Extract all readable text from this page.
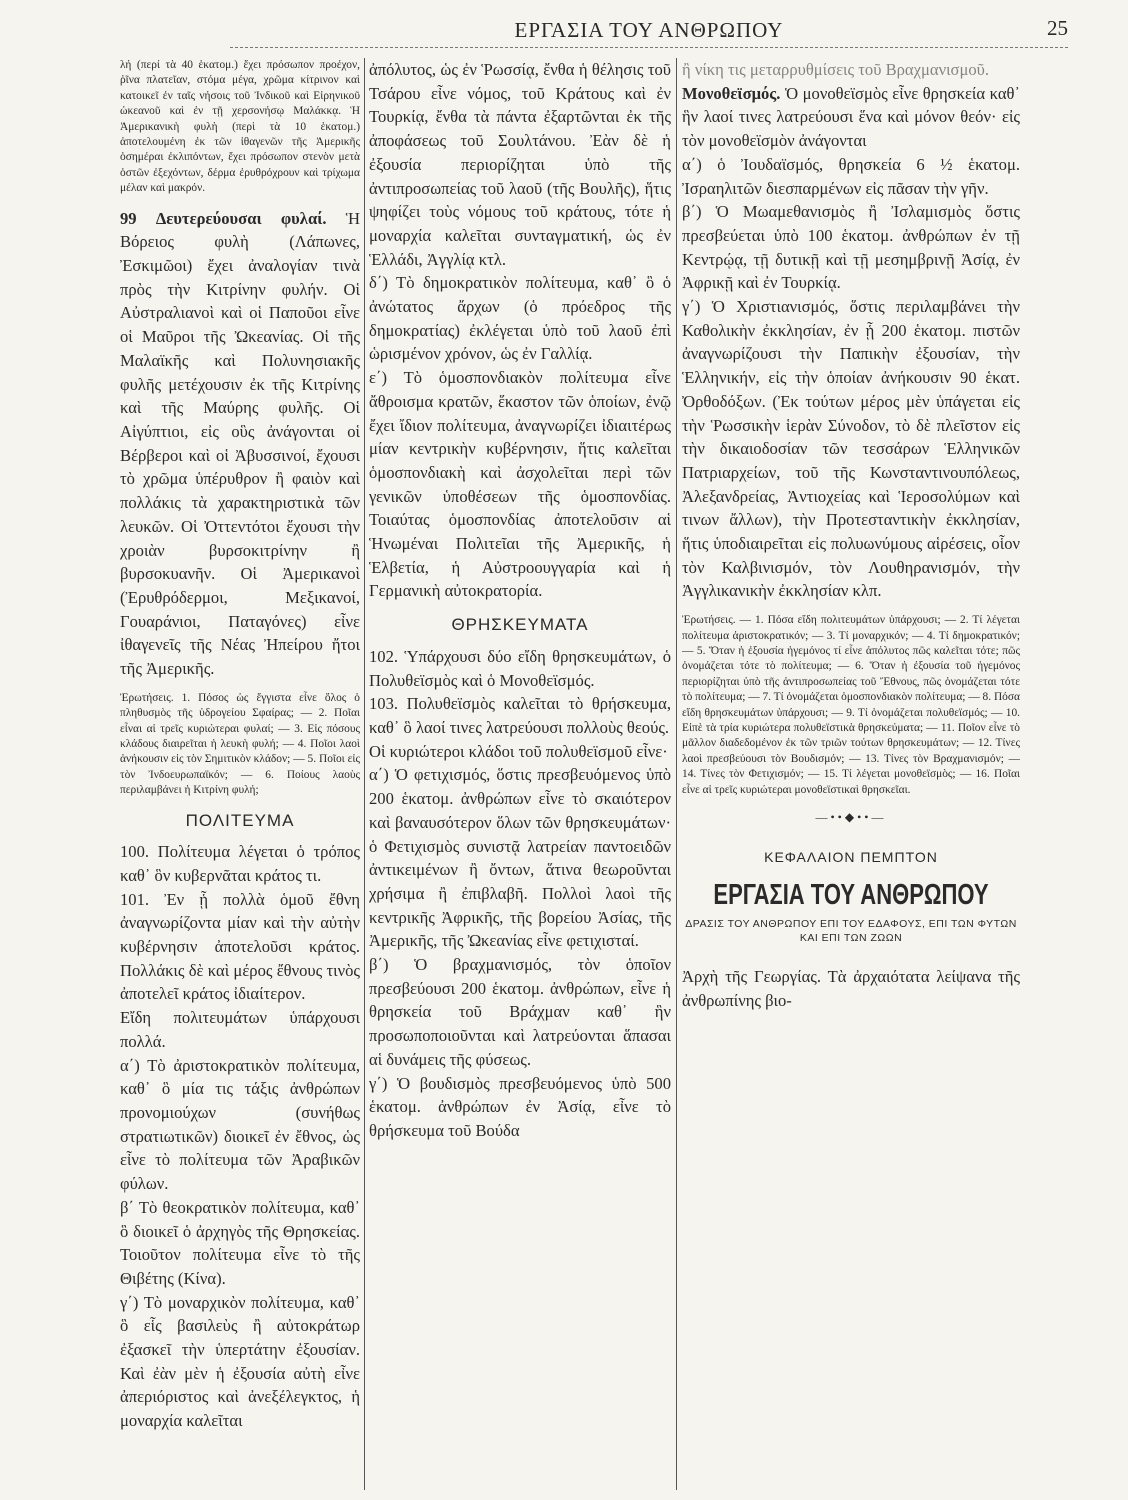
ΕΡΓΑΣΙΑ ΤΟΥ ΑΝΘΡΩΠΟΥ	25

λή (περί τὰ 40 ἑκατομ.) ἔχει πρόσωπον προέχον, ῥῖνα πλατεῖαν, στόμα μέγα, χρῶμα κίτρινον καὶ κατοικεῖ ἐν ταῖς νήσοις τοῦ Ἰνδικοῦ καὶ Εἰρηνικοῦ ὠκεανοῦ καὶ ἐν τῇ χερσονήσῳ Μαλάκκᾳ. Ἡ Ἀμερικανικὴ φυλὴ (περὶ τὰ 10 ἑκατομ.) ἀποτελουμένη ἐκ τῶν ἰθαγενῶν τῆς Ἀμερικῆς ὁσημέραι ἐκλιπόντων, ἔχει πρόσωπον στενὸν μετὰ ὀστῶν ἐξεχόντων, δέρμα ἐρυθρόχρουν καὶ τρίχωμα μέλαν καὶ μακρόν.

99 Δευτερεύουσαι φυλαί. Ἡ Βόρειος φυλὴ (Λάπωνες, Ἐσκιμῶοι) ἔχει ἀναλογίαν τινὰ πρὸς τὴν Κιτρίνην φυλήν. Οἱ Αὐστραλιανοὶ καὶ οἱ Παποῦοι εἶνε οἱ Μαῦροι τῆς Ὠκεανίας. Οἱ τῆς Μαλαϊκῆς καὶ Πολυνησιακῆς φυλῆς μετέχουσιν ἐκ τῆς Κιτρίνης καὶ τῆς Μαύρης φυλῆς. Οἱ Αἰγύπτιοι, εἰς οὓς ἀνάγονται οἱ Βέρβεροι καὶ οἱ Ἀβυσσινοί, ἔχουσι τὸ χρῶμα ὑπέρυθρον ἢ φαιὸν καὶ πολλάκις τὰ χαρακτηριστικὰ τῶν λευκῶν. Οἱ Ὀττεντότοι ἔχουσι τὴν χροιὰν βυρσοκιτρίνην ἢ βυρσοκυανῆν. Οἱ Ἀμερικανοὶ (Ἐρυθρόδερμοι, Μεξικανοί, Γουαράνιοι, Παταγόνες) εἶνε ἰθαγενεῖς τῆς Νέας Ἠπείρου ἤτοι τῆς Ἀμερικῆς.

Ἐρωτήσεις. 1. Πόσος ὡς ἔγγιστα εἶνε ὅλος ὁ πληθυσμὸς τῆς ὑδρογείου Σφαίρας; — 2. Ποῖαι εἶναι αἱ τρεῖς κυριώτεραι φυλαί; — 3. Εἰς πόσους κλάδους διαιρεῖται ἡ λευκὴ φυλή; — 4. Ποῖοι λαοὶ ἀνήκουσιν εἰς τὸν Σημιτικὸν κλάδον; — 5. Ποῖοι εἰς τὸν Ἰνδοευρωπαϊκόν; — 6. Ποίους λαοὺς περιλαμβάνει ἡ Κιτρίνη φυλή;

ΠΟΛΙΤΕΥΜΑ

100. Πολίτευμα λέγεται ὁ τρόπος καθ᾽ ὃν κυβερνᾶται κράτος τι.

101. Ἐν ᾗ πολλὰ ὁμοῦ ἔθνη ἀναγνωρίζοντα μίαν καὶ τὴν αὐτὴν κυβέρνησιν ἀποτελοῦσι κράτος. Πολλάκις δὲ καὶ μέρος ἔθνους τινὸς ἀποτελεῖ κράτος ἰδιαίτερον.

Εἴδη πολιτευμάτων ὑπάρχουσι πολλά.

α΄) Τὸ ἀριστοκρατικὸν πολίτευμα, καθ᾽ ὃ μία τις τάξις ἀνθρώπων προνομιούχων (συνήθως στρατιωτικῶν) διοικεῖ ἐν ἔθνος, ὡς εἶνε τὸ πολίτευμα τῶν Ἀραβικῶν φύλων.

β΄ Τὸ θεοκρατικὸν πολίτευμα, καθ᾽ ὃ διοικεῖ ὁ ἀρχηγὸς τῆς Θρησκείας. Τοιοῦτον πολίτευμα εἶνε τὸ τῆς Θιβέτης (Κίνα).

γ΄) Τὸ μοναρχικὸν πολίτευμα, καθ᾽ ὃ εἷς βασιλεὺς ἢ αὐτοκράτωρ ἐξασκεῖ τὴν ὑπερτάτην ἐξουσίαν. Καὶ ἐὰν μὲν ἡ ἐξουσία αὐτὴ εἶνε ἀπεριόριστος καὶ ἀνεξέλεγκτος, ἡ μοναρχία καλεῖται

ἀπόλυτος, ὡς ἐν Ῥωσσίᾳ, ἔνθα ἡ θέλησις τοῦ Τσάρου εἶνε νόμος, τοῦ Κράτους καὶ ἐν Τουρκίᾳ, ἔνθα τὰ πάντα ἐξαρτῶνται ἐκ τῆς ἀποφάσεως τοῦ Σουλτάνου. Ἐὰν δὲ ἡ ἐξουσία περιορίζηται ὑπὸ τῆς ἀντιπροσωπείας τοῦ λαοῦ (τῆς Βουλῆς), ἥτις ψηφίζει τοὺς νόμους τοῦ κράτους, τότε ἡ μοναρχία καλεῖται συνταγματική, ὡς ἐν Ἑλλάδι, Ἀγγλίᾳ κτλ.

δ΄) Τὸ δημοκρατικὸν πολίτευμα, καθ᾽ ὃ ὁ ἀνώτατος ἄρχων (ὁ πρόεδρος τῆς δημοκρατίας) ἐκλέγεται ὑπὸ τοῦ λαοῦ ἐπὶ ὡρισμένον χρόνον, ὡς ἐν Γαλλίᾳ.

ε΄) Τὸ ὁμοσπονδιακὸν πολίτευμα εἶνε ἄθροισμα κρατῶν, ἕκαστον τῶν ὁποίων, ἐνῷ ἔχει ἴδιον πολίτευμα, ἀναγνωρίζει ἰδιαιτέρως μίαν κεντρικὴν κυβέρνησιν, ἥτις καλεῖται ὁμοσπονδιακὴ καὶ ἀσχολεῖται περὶ τῶν γενικῶν ὑποθέσεων τῆς ὁμοσπονδίας. Τοιαύτας ὁμοσπονδίας ἀποτελοῦσιν αἱ Ἡνωμέναι Πολιτεῖαι τῆς Ἀμερικῆς, ἡ Ἑλβετία, ἡ Αὐστροουγγαρία καὶ ἡ Γερμανικὴ αὐτοκρατορία.

ΘΡΗΣΚΕΥΜΑΤΑ

102. Ὑπάρχουσι δύο εἴδη θρησκευμάτων, ὁ Πολυθεϊσμὸς καὶ ὁ Μονοθεϊσμός.

103. Πολυθεϊσμὸς καλεῖται τὸ θρήσκευμα, καθ᾽ ὃ λαοί τινες λατρεύουσι πολλοὺς θεούς.

Οἱ κυριώτεροι κλάδοι τοῦ πολυθεϊσμοῦ εἶνε·

α΄) Ὁ φετιχισμός, ὅστις πρεσβευόμενος ὑπὸ 200 ἑκατομ. ἀνθρώπων εἶνε τὸ σκαιότερον καὶ βαναυσότερον ὅλων τῶν θρησκευμάτων· ὁ Φετιχισμὸς συνιστᾷ λατρείαν παντοειδῶν ἀντικειμένων ἢ ὄντων, ἅτινα θεωροῦνται χρήσιμα ἢ ἐπιβλαβῆ. Πολλοὶ λαοὶ τῆς κεντρικῆς Ἀφρικῆς, τῆς βορείου Ἀσίας, τῆς Ἀμερικῆς, τῆς Ὠκεανίας εἶνε φετιχισταί.

β΄) Ὁ βραχμανισμός, τὸν ὁποῖον πρεσβεύουσι 200 ἑκατομ. ἀνθρώπων, εἶνε ἡ θρησκεία τοῦ Βράχμαν καθ᾽ ἣν προσωποποιοῦνται καὶ λατρεύονται ἅπασαι αἱ δυνάμεις τῆς φύσεως.

γ΄) Ὁ βουδισμὸς πρεσβευόμενος ὑπὸ 500 ἑκατομ. ἀνθρώπων ἐν Ἀσίᾳ, εἶνε τὸ θρήσκευμα τοῦ Βούδα

ἢ νίκη τις μεταρρυθμίσεις τοῦ Βραχμανισμοῦ.

Μονοθεϊσμός. Ὁ μονοθεϊσμὸς εἶνε θρησκεία καθ᾽ ἣν λαοί τινες λατρεύουσι ἕνα καὶ μόνον θεόν· εἰς τὸν μονοθεϊσμὸν ἀνάγονται

α΄) ὁ Ἰουδαϊσμός, θρησκεία 6 ½ ἑκατομ. Ἰσραηλιτῶν διεσπαρμένων εἰς πᾶσαν τὴν γῆν.

β΄) Ὁ Μωαμεθανισμὸς ἢ Ἰσλαμισμὸς ὅστις πρεσβεύεται ὑπὸ 100 ἑκατομ. ἀνθρώπων ἐν τῇ Κεντρῴᾳ, τῇ δυτικῇ καὶ τῇ μεσημβρινῇ Ἀσίᾳ, ἐν Ἀφρικῇ καὶ ἐν Τουρκίᾳ.

γ΄) Ὁ Χριστιανισμός, ὅστις περιλαμβάνει τὴν Καθολικὴν ἐκκλησίαν, ἐν ᾗ 200 ἑκατομ. πιστῶν ἀναγνωρίζουσι τὴν Παπικὴν ἐξουσίαν, τὴν Ἑλληνικήν, εἰς τὴν ὁποίαν ἀνήκουσιν 90 ἑκατ. Ὀρθοδόξων. (Ἐκ τούτων μέρος μὲν ὑπάγεται εἰς τὴν Ῥωσσικὴν ἱερὰν Σύνοδον, τὸ δὲ πλεῖστον εἰς τὴν δικαιοδοσίαν τῶν τεσσάρων Ἑλληνικῶν Πατριαρχείων, τοῦ τῆς Κωνσταντινουπόλεως, Ἀλεξανδρείας, Ἀντιοχείας καὶ Ἱεροσολύμων καὶ τινων ἄλλων), τὴν Προτεσταντικὴν ἐκκλησίαν, ἥτις ὑποδιαιρεῖται εἰς πολυωνύμους αἱρέσεις, οἷον τὸν Καλβινισμόν, τὸν Λουθηρανισμόν, τὴν Ἀγγλικανικὴν ἐκκλησίαν κλπ.

Ἐρωτήσεις. — 1. Πόσα εἴδη πολιτευμάτων ὑπάρχουσι; — 2. Τί λέγεται πολίτευμα ἀριστοκρατικόν; — 3. Τί μοναρχικόν; — 4. Τί δημοκρατικόν; — 5. Ὅταν ἡ ἐξουσία ἡγεμόνος τί εἶνε ἀπόλυτος πῶς καλεῖται τότε; πῶς ὀνομάζεται τότε τὸ πολίτευμα; — 6. Ὅταν ἡ ἐξουσία τοῦ ἡγεμόνος περιορίζηται ὑπὸ τῆς ἀντιπροσωπείας τοῦ Ἔθνους, πῶς ὀνομάζεται τότε τὸ πολίτευμα; — 7. Τί ὀνομάζεται ὁμοσπονδιακὸν πολίτευμα; — 8. Πόσα εἴδη θρησκευμάτων ὑπάρχουσι; — 9. Τί ὀνομάζεται πολυθεϊσμός; — 10. Εἰπὲ τὰ τρία κυριώτερα πολυθεϊστικὰ θρησκεύματα; — 11. Ποῖον εἶνε τὸ μᾶλλον διαδεδομένον ἐκ τῶν τριῶν τούτων θρησκευμάτων; — 12. Τίνες λαοὶ πρεσβεύουσι τὸν Βουδισμόν; — 13. Τίνες τὸν Βραχμανισμόν; — 14. Τίνες τὸν Φετιχισμόν; — 15. Τί λέγεται μονοθεϊσμὸς; — 16. Ποῖαι εἶνε αἱ τρεῖς κυριώτεραι μονοθεϊστικαὶ θρησκεῖαι.

—••◆••—
ΚΕΦΑΛΑΙΟΝ ΠΕΜΠΤΟΝ
ΕΡΓΑΣΙΑ ΤΟΥ ΑΝΘΡΩΠΟΥ
ΔΡΑΣΙΣ ΤΟΥ ΑΝΘΡΩΠΟΥ ΕΠΙ ΤΟΥ ΕΔΑΦΟΥΣ, ΕΠΙ ΤΩΝ ΦΥΤΩΝ ΚΑΙ ΕΠΙ ΤΩΝ ΖΩΩΝ

Ἀρχὴ τῆς Γεωργίας. Τὰ ἀρχαιότατα λείψανα τῆς ἀνθρωπίνης βιο-
